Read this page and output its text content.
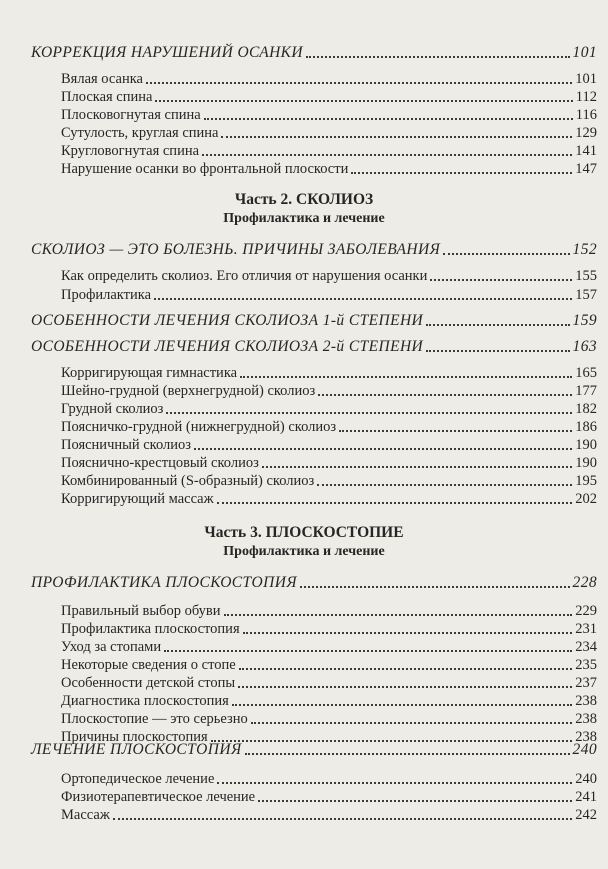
КОРРЕКЦИЯ НАРУШЕНИЙ ОСАНКИ	101
Вялая осанка	101
Плоская спина	112
Плосковогнутая спина	116
Сутулость, круглая спина	129
Кругловогнутая спина	141
Нарушение осанки во фронтальной плоскости	147
Часть 2. СКОЛИОЗ
Профилактика и лечение
СКОЛИОЗ — ЭТО БОЛЕЗНЬ. ПРИЧИНЫ ЗАБОЛЕВАНИЯ	152
Как определить сколиоз. Его отличия от нарушения осанки	155
Профилактика	157
ОСОБЕННОСТИ ЛЕЧЕНИЯ СКОЛИОЗА 1-й СТЕПЕНИ	159
ОСОБЕННОСТИ ЛЕЧЕНИЯ СКОЛИОЗА 2-й СТЕПЕНИ	163
Корригирующая гимнастика	165
Шейно-грудной (верхнегрудной) сколиоз	177
Грудной сколиоз	182
Поясничко-грудной (нижнегрудной) сколиоз	186
Поясничный сколиоз	190
Пояснично-крестцовый сколиоз	190
Комбинированный (S-образный) сколиоз	195
Корригирующий массаж	202
Часть 3. ПЛОСКОСТОПИЕ
Профилактика и лечение
ПРОФИЛАКТИКА ПЛОСКОСТОПИЯ	228
Правильный выбор обуви	229
Профилактика плоскостопия	231
Уход за стопами	234
Некоторые сведения о стопе	235
Особенности детской стопы	237
Диагностика плоскостопия	238
Плоскостопие — это серьезно	238
Причины плоскостопия	238
ЛЕЧЕНИЕ ПЛОСКОСТОПИЯ	240
Ортопедическое лечение	240
Физиотерапевтическое лечение	241
Массаж	242
